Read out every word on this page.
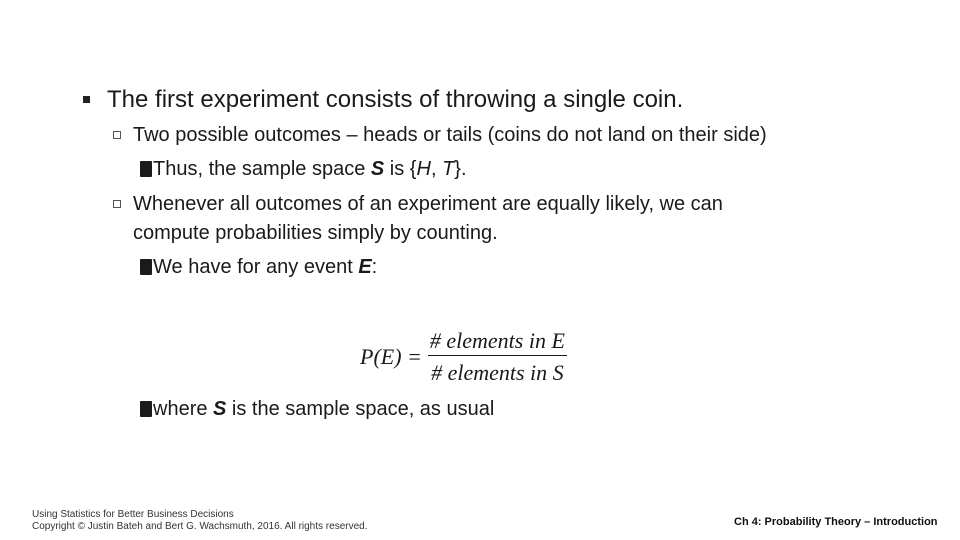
The first experiment consists of throwing a single coin.
Two possible outcomes – heads or tails (coins do not land on their side)
Thus, the sample space S is {H, T}.
Whenever all outcomes of an experiment are equally likely, we can
compute probabilities simply by counting.
We have for any event E:
$P(E) = \frac{\text{\# elements in E}}{\text{\# elements in S}}$
where S is the sample space, as usual
Using Statistics for Better Business Decisions
Copyright © Justin Bateh and Bert G. Wachsmuth, 2016. All rights reserved.	Ch 4: Probability Theory – Introduction
